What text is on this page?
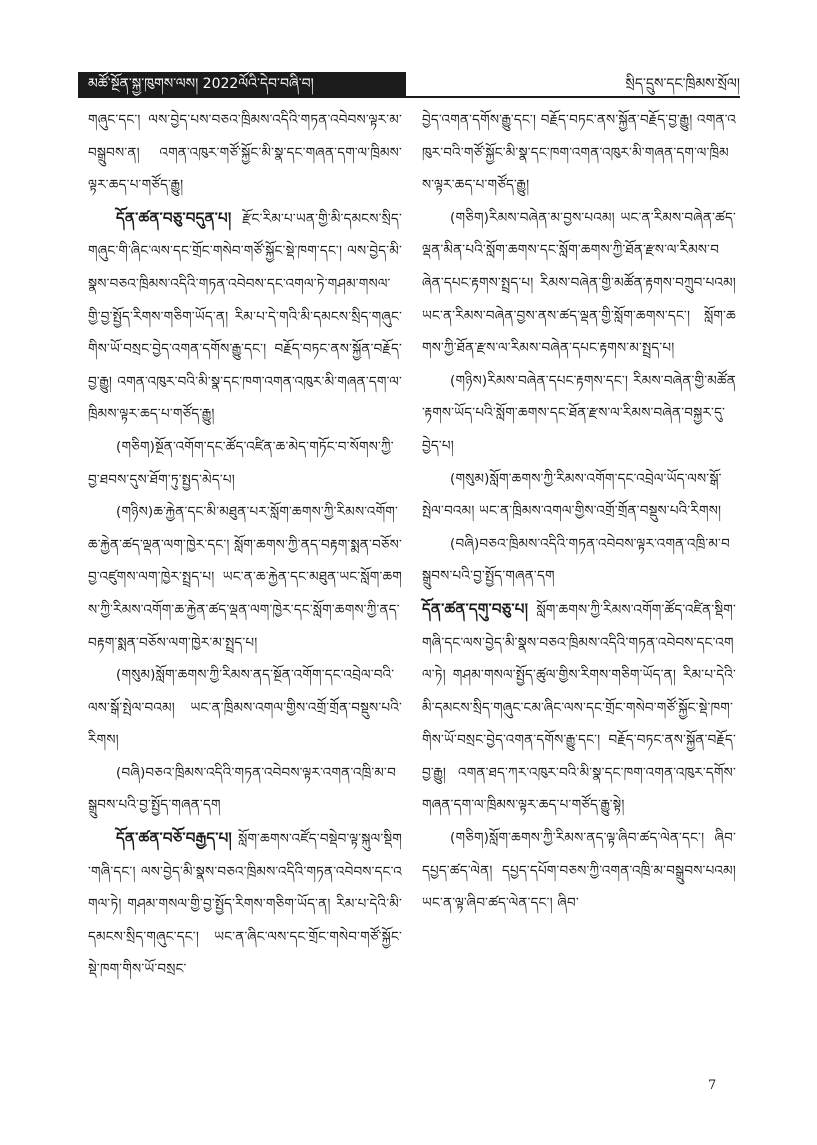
མཚོ་སྔོན་སྐྱ་ཁུགས་ལས། 2022ལོའི་དེབ་བཞི་བ།	སྲིད་དྲུས་དང་ཁྲིམས་སྲོལ།

གཞུང་དང་། ལས་བྱེད་པས་བཅའ་ཁྲིམས་འདིའི་གཏན་འབེབས་ལྟར་མ་བསྒྲུབས་ན། འགན་འཁུར་གཙོ་སྐྱོང་མི་སྣ་དང་གཞན་དག་ལ་ཁྲིམས་ལྟར་ཆད་པ་གཙོད་རྒྱུ།

དོན་ཚན་བཅུ་བདུན་པ། རྫོང་རིམ་པ་ཡན་གྱི་མི་དམངས་སྲིད་གཞུང་གི་ཞིང་ལས་དང་གྲོང་གསེབ་གཙོ་སྐྱོང་སྡེ་ཁག་དང་། ལས་བྱེད་མི་སྣས་བཅའ་ཁྲིམས་འདིའི་གཏན་འབེབས་དང་འགལ་ཏེ་གཤམ་གསལ་གྱི་བྱ་སྤྱོད་རིགས་གཅིག་ཡོད་ན། རིམ་པ་དེ་གའི་མི་དམངས་སྲིད་གཞུང་གིས་ཡོ་བསྲང་བྱེད་འགན་དགོས་རྒྱུ་དང་། བརྗོད་བཏང་ནས་སྐྱོན་བརྗོད་བྱ་རྒྱུ། འགན་འཁུར་བའི་མི་སྣ་དང་ཁག་འགན་འཁུར་མི་གཞན་དག་ལ་ཁྲིམས་ལྟར་ཆད་པ་གཙོད་རྒྱུ།

(གཅིག)སྔོན་འགོག་དང་ཚོད་འཛིན་ཆ་མེད་གཏོང་བ་སོགས་ཀྱི་བྱ་ཐབས་དུས་ཐོག་ཏུ་སྤྱད་མེད་པ།

(གཉིས)ཆ་རྐྱེན་དང་མི་མཐུན་པར་སློག་ཆགས་ཀྱི་རིམས་འགོག་ཆ་རྐྱེན་ཚད་ལྡན་ལག་ཁྱེར་དང་། སློག་ཆགས་ཀྱི་ནད་བརྟག་སྨན་བཅོས་བྱ་འཛུགས་ལག་ཁྱེར་སྤྲད་པ། ཡང་ན་ཆ་རྐྱེན་དང་མཐུན་ཡང་སློག་ཆགས་ཀྱི་རིམས་འགོག་ཆ་རྐྱེན་ཚད་ལྡན་ལག་ཁྱེར་དང་སློག་ཆགས་ཀྱི་ནད་བརྟག་སྨན་བཅོས་ལག་ཁྱེར་མ་སྤྲད་པ།

(གསུམ)སློག་ཆགས་ཀྱི་རིམས་ནད་སྔོན་འགོག་དང་འབྲེལ་བའི་ལས་སྒོ་སྤེལ་བའམ། ཡང་ན་ཁྲིམས་འགལ་གྱིས་འགྲོ་གྲོན་བསྡུས་པའི་རིགས།

(བཞི)བཅའ་ཁྲིམས་འདིའི་གཏན་འབེབས་ལྟར་འགན་འཁྲི་མ་བསྒྲུབས་པའི་བྱ་སྤྱོད་གཞན་དག

དོན་ཚན་བཅོ་བརྒྱད་པ། སློག་ཆགས་འཛོད་བསྡེབ་ལྟ་སྐུལ་སྡིག་གཞི་དང་། ལས་བྱེད་མི་སྣས་བཅའ་ཁྲིམས་འདིའི་གཏན་འབེབས་དང་འགལ་ཏེ། གཤམ་གསལ་གྱི་བྱ་སྤྱོད་རིགས་གཅིག་ཡོད་ན། རིམ་པ་དེའི་མི་དམངས་སྲིད་གཞུང་དང་། ཡང་ན་ཞིང་ལས་དང་གྲོང་གསེབ་གཙོ་སྐྱོང་སྡེ་ཁག་གིས་ཡོ་བསྲང་

བྱེད་འགན་དགོས་རྒྱུ་དང་། བརྗོད་བཏང་ནས་སྐྱོན་བརྗོད་བྱ་རྒྱུ། འགན་འཁུར་བའི་གཙོ་སྐྱོང་མི་སྣ་དང་ཁག་འགན་འཁུར་མི་གཞན་དག་ལ་ཁྲིམས་ལྟར་ཆད་པ་གཙོད་རྒྱུ།

(གཅིག)རིམས་བཞེན་མ་བྱས་པའམ། ཡང་ན་རིམས་བཞེན་ཚད་ལྡན་མིན་པའི་སློག་ཆགས་དང་སློག་ཆགས་ཀྱི་ཐོན་རྫས་ལ་རིམས་བཞེན་དཔང་རྟགས་སྤྲད་པ། རིམས་བཞེན་གྱི་མཚོན་རྟགས་བཀྲུབ་པའམ། ཡང་ན་རིམས་བཞེན་བྱས་ནས་ཚད་ལྡན་གྱི་སློག་ཆགས་དང་། སློག་ཆགས་ཀྱི་ཐོན་རྫས་ལ་རིམས་བཞེན་དཔང་རྟགས་མ་སྤྲད་པ།

(གཉིས)རིམས་བཞེན་དཔང་རྟགས་དང་། རིམས་བཞེན་གྱི་མཚོན་རྟགས་ཡོད་པའི་སློག་ཆགས་དང་ཐོན་རྫས་ལ་རིམས་བཞེན་བསྐྱར་དུ་བྱེད་པ།

(གསུམ)སློག་ཆགས་ཀྱི་རིམས་འགོག་དང་འབྲེལ་ཡོད་ལས་སྒོ་སྤེལ་བའམ། ཡང་ན་ཁྲིམས་འགལ་གྱིས་འགྲོ་གྲོན་བསྡུས་པའི་རིགས།

(བཞི)བཅའ་ཁྲིམས་འདིའི་གཏན་འབེབས་ལྟར་འགན་འཁྲི་མ་བསྒྲུབས་པའི་བྱ་སྤྱོད་གཞན་དག

དོན་ཚན་དགུ་བཅུ་པ། སློག་ཆགས་ཀྱི་རིམས་འགོག་ཚོད་འཛིན་སྡིག་གཞི་དང་ལས་བྱེད་མི་སྣས་བཅའ་ཁྲིམས་འདིའི་གཏན་འབེབས་དང་འགལ་ཏེ། གཤམ་གསལ་སྤྱོད་ཚུལ་གྱིས་རིགས་གཅིག་ཡོད་ན། རིམ་པ་དེའི་མི་དམངས་སྲིད་གཞུང་ངམ་ཞིང་ལས་དང་གྲོང་གསེབ་གཙོ་སྐྱོང་སྡེ་ཁག་གིས་ཡོ་བསྲང་བྱེད་འགན་དགོས་རྒྱུ་དང་། བརྗོད་བཏང་ནས་སྐྱོན་བརྗོད་བྱ་རྒྱུ། འགན་ཐད་ཀར་འཁུར་བའི་མི་སྣ་དང་ཁག་འགན་འཁུར་དགོས་གཞན་དག་ལ་ཁྲིམས་ལྟར་ཆད་པ་གཙོད་རྒྱུ་སྟེ།

(གཅིག)སློག་ཆགས་ཀྱི་རིམས་ནད་ལྟ་ཞིབ་ཚད་ལེན་དང་། ཞིབ་དཔྱད་ཚད་ལེན། དཔྱད་དཔོག་བཅས་ཀྱི་འགན་འཁྲི་མ་བསྒྲུབས་པའམ། ཡང་ན་ལྟ་ཞིབ་ཚད་ལེན་དང་། ཞིབ་

7
